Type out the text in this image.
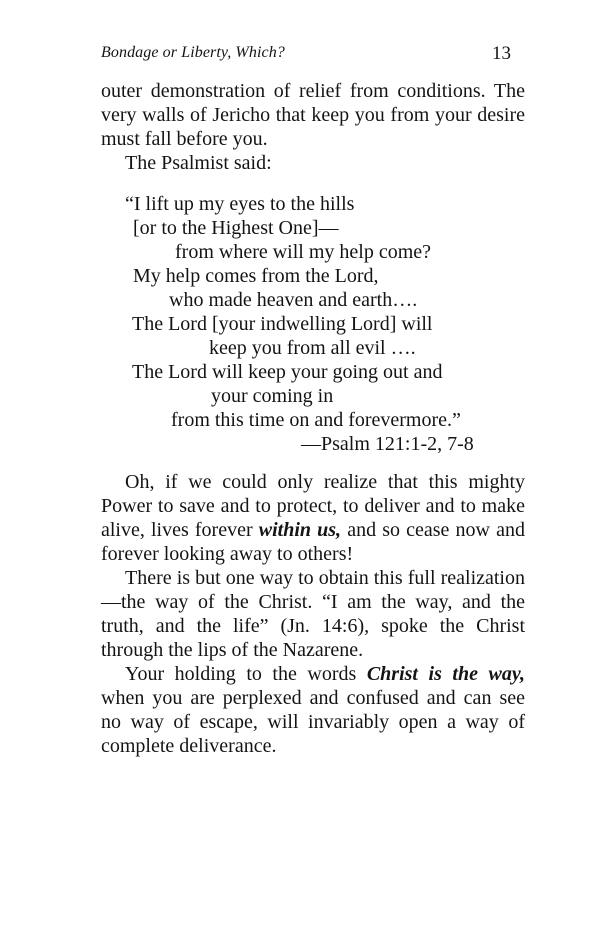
Bondage or Liberty, Which?	13

outer demonstration of relief from conditions. The very walls of Jericho that keep you from your desire must fall before you.

The Psalmist said:

“I lift up my eyes to the hills
[or to the Highest One]—
from where will my help come?
My help comes from the Lord,
who made heaven and earth….
The Lord [your indwelling Lord] will
keep you from all evil ….
The Lord will keep your going out and
your coming in
from this time on and forevermore.”
—Psalm 121:1-2, 7-8

Oh, if we could only realize that this mighty Power to save and to protect, to deliver and to make alive, lives forever within us, and so cease now and forever looking away to others!

There is but one way to obtain this full realization—the way of the Christ. “I am the way, and the truth, and the life” (Jn. 14:6), spoke the Christ through the lips of the Nazarene.

Your holding to the words Christ is the way, when you are perplexed and confused and can see no way of escape, will invariably open a way of complete deliverance.
